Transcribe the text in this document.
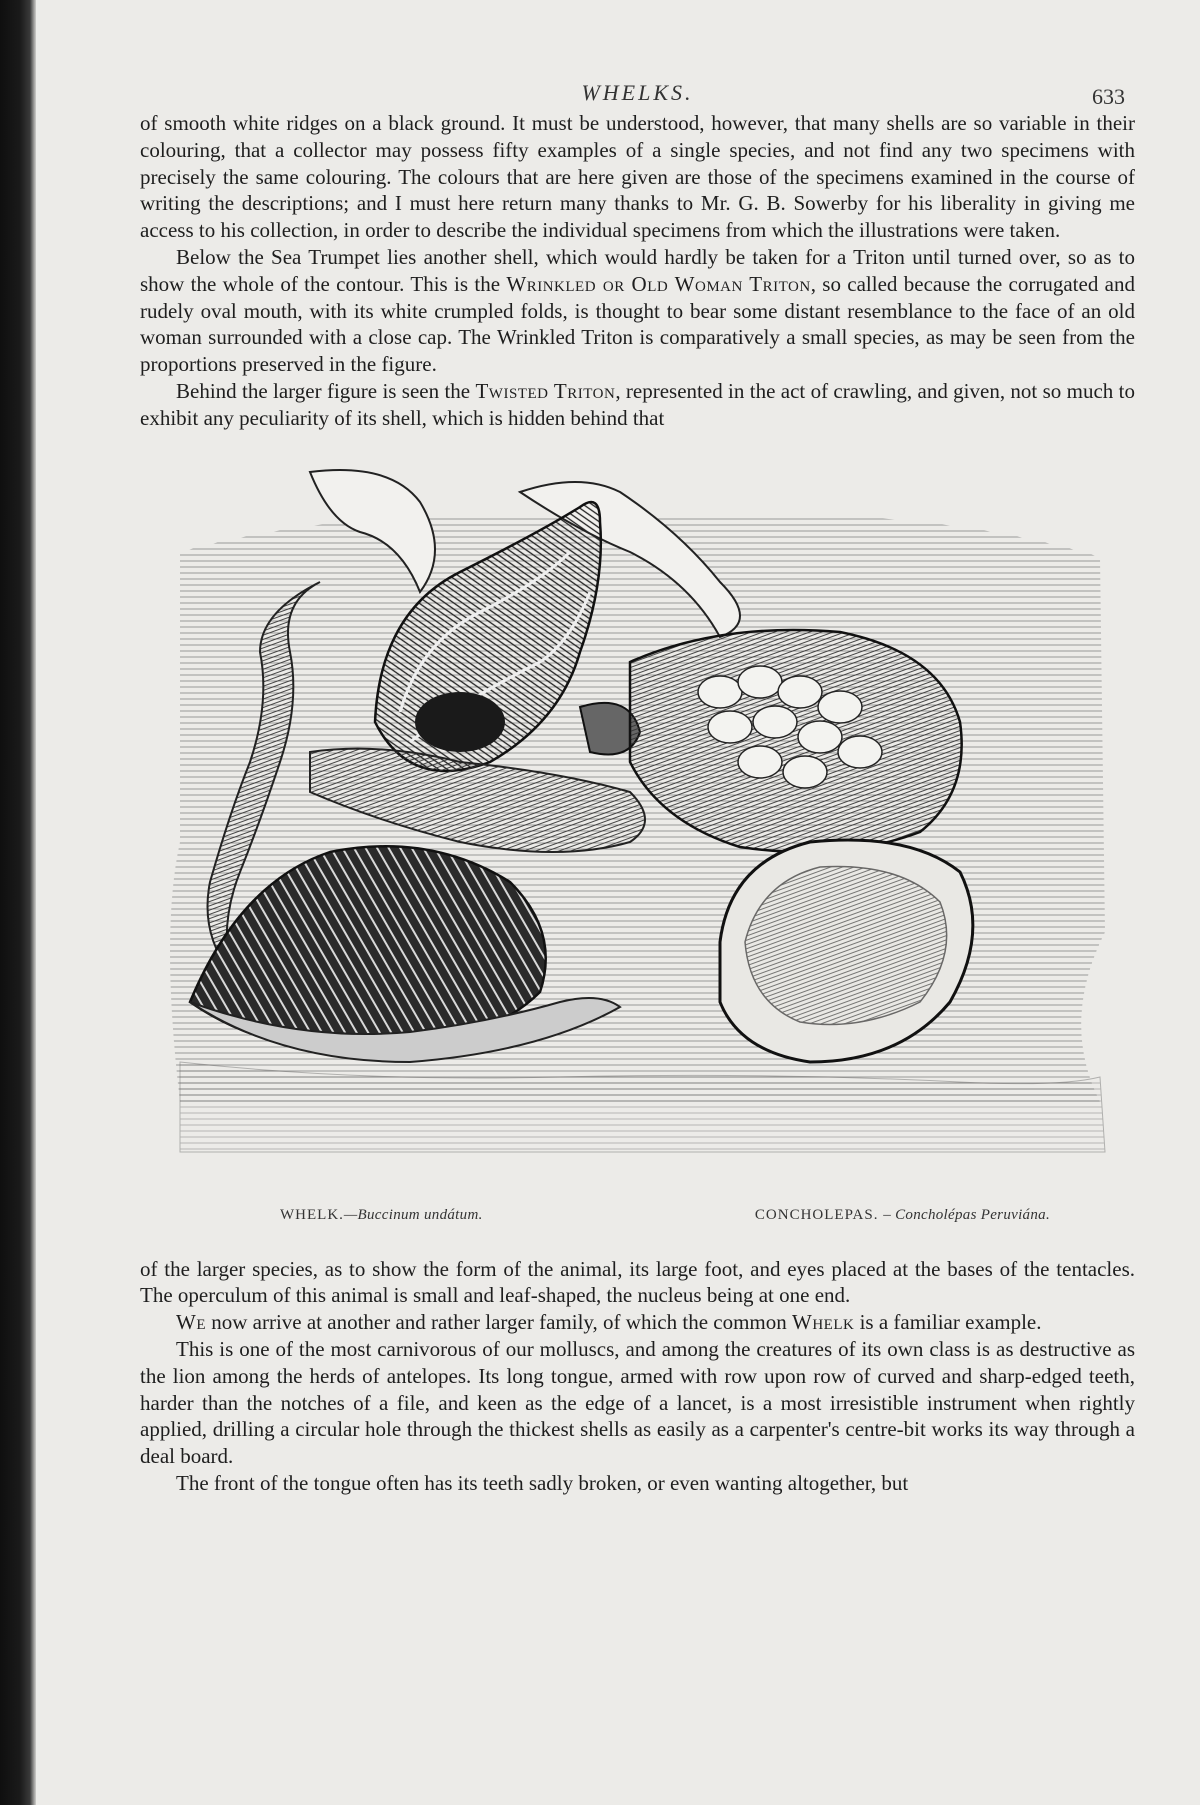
WHELKS.	633

of smooth white ridges on a black ground. It must be understood, however, that many shells are so variable in their colouring, that a collector may possess fifty examples of a single species, and not find any two specimens with precisely the same colouring. The colours that are here given are those of the specimens examined in the course of writing the descriptions; and I must here return many thanks to Mr. G. B. Sowerby for his liberality in giving me access to his collection, in order to describe the individual specimens from which the illustrations were taken.

Below the Sea Trumpet lies another shell, which would hardly be taken for a Triton until turned over, so as to show the whole of the contour. This is the Wrinkled or Old Woman Triton, so called because the corrugated and rudely oval mouth, with its white crumpled folds, is thought to bear some distant resemblance to the face of an old woman surrounded with a close cap. The Wrinkled Triton is comparatively a small species, as may be seen from the proportions preserved in the figure.

Behind the larger figure is seen the Twisted Triton, represented in the act of crawling, and given, not so much to exhibit any peculiarity of its shell, which is hidden behind that

WHELK.—Buccinum undátum.	CONCHOLEPAS. – Concholépas Peruviána.

of the larger species, as to show the form of the animal, its large foot, and eyes placed at the bases of the tentacles. The operculum of this animal is small and leaf-shaped, the nucleus being at one end.

We now arrive at another and rather larger family, of which the common Whelk is a familiar example.

This is one of the most carnivorous of our molluscs, and among the creatures of its own class is as destructive as the lion among the herds of antelopes. Its long tongue, armed with row upon row of curved and sharp-edged teeth, harder than the notches of a file, and keen as the edge of a lancet, is a most irresistible instrument when rightly applied, drilling a circular hole through the thickest shells as easily as a carpenter's centre-bit works its way through a deal board.

The front of the tongue often has its teeth sadly broken, or even wanting altogether, but
